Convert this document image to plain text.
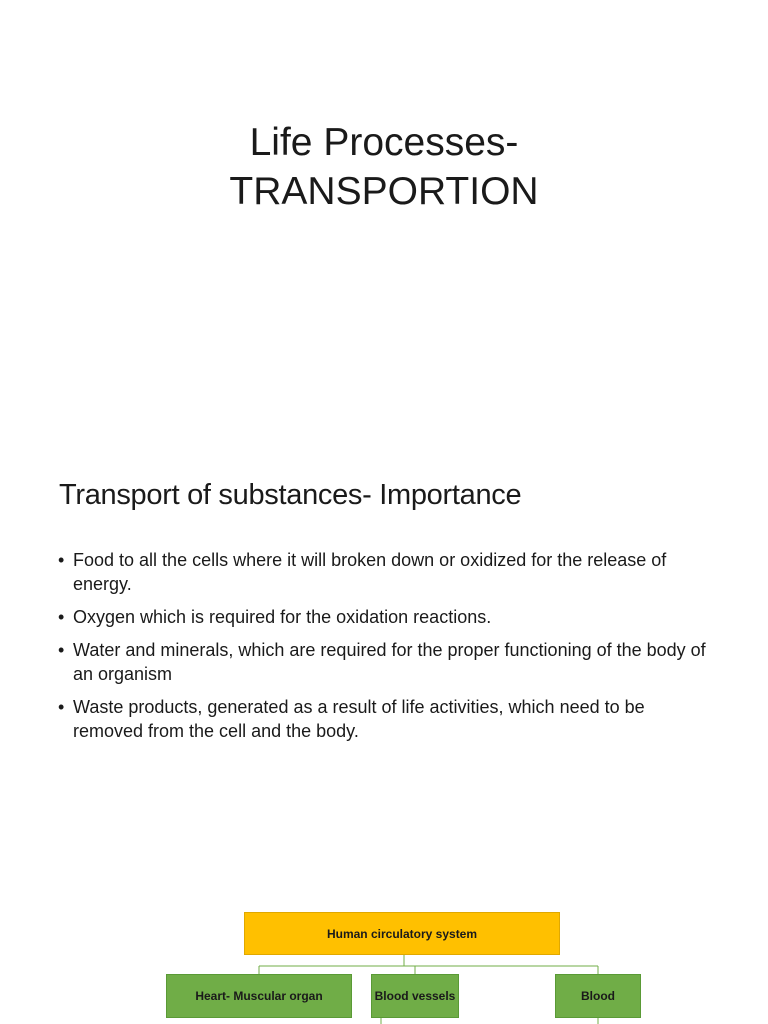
Life Processes-
TRANSPORTION
Transport of substances- Importance
• Food to all the cells where it will broken down or oxidized for the release of energy.
• Oxygen which is required for the oxidation reactions.
• Water and minerals, which are required for the proper functioning of the body of an organism
• Waste products, generated as a result of life activities, which need to be removed from the cell and the body.
Human circulatory system
Heart- Muscular organ	Blood vessels	Blood
